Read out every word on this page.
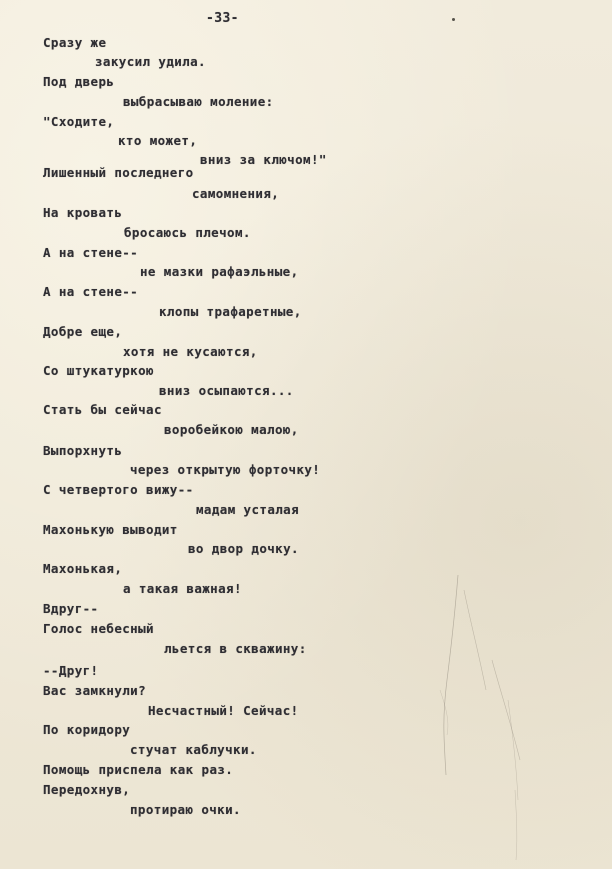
-33-
Сразу же
закусил удила.
Под дверь
выбрасываю моление:
"Сходите,
кто может,
вниз за ключом!"
Лишенный последнего
самомнения,
На кровать
бросаюсь плечом.
А на стене--
не мазки рафаэльные,
А на стене--
клопы трафаретные,
Добре еще,
хотя не кусаются,
Со штукатуркою
вниз осыпаются...
Стать бы сейчас
воробейкою малою,
Выпорхнуть
через открытую форточку!
С четвертого вижу--
мадам усталая
Махонькую выводит
во двор дочку.
Махонькая,
а такая важная!
Вдруг--
Голос небесный
льется в скважину:
--Друг!
Вас замкнули?
Несчастный! Сейчас!
По коридору
стучат каблучки.
Помощь приспела как раз.
Передохнув,
протираю очки.
